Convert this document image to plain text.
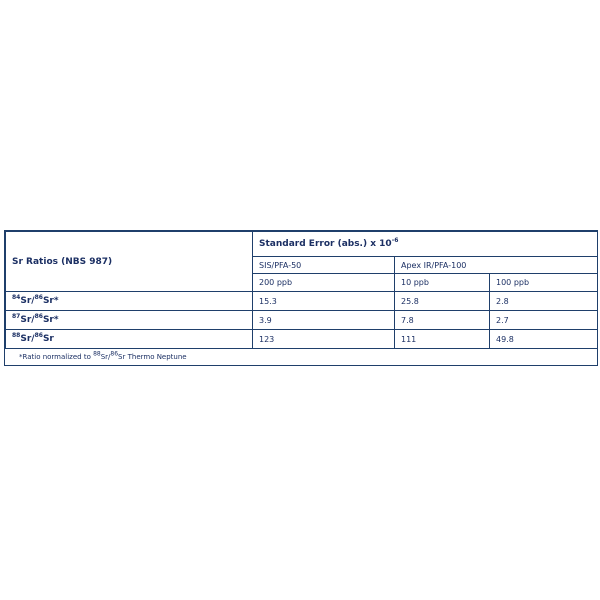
Sr Ratios (NBS 987)	Standard Error (abs.) x $10^{-6}$
	SIS/PFA-50	Apex IR/PFA-100	
	200 ppb	10 ppb	100 ppb
$^{84}$Sr/$^{86}$Sr*	15.3	25.8	2.8
$^{87}$Sr/$^{86}$Sr*	3.9	7.8	2.7
$^{88}$Sr/$^{86}$Sr	123	111	49.8
*Ratio normalized to 88Sr/86Sr Thermo Neptune
